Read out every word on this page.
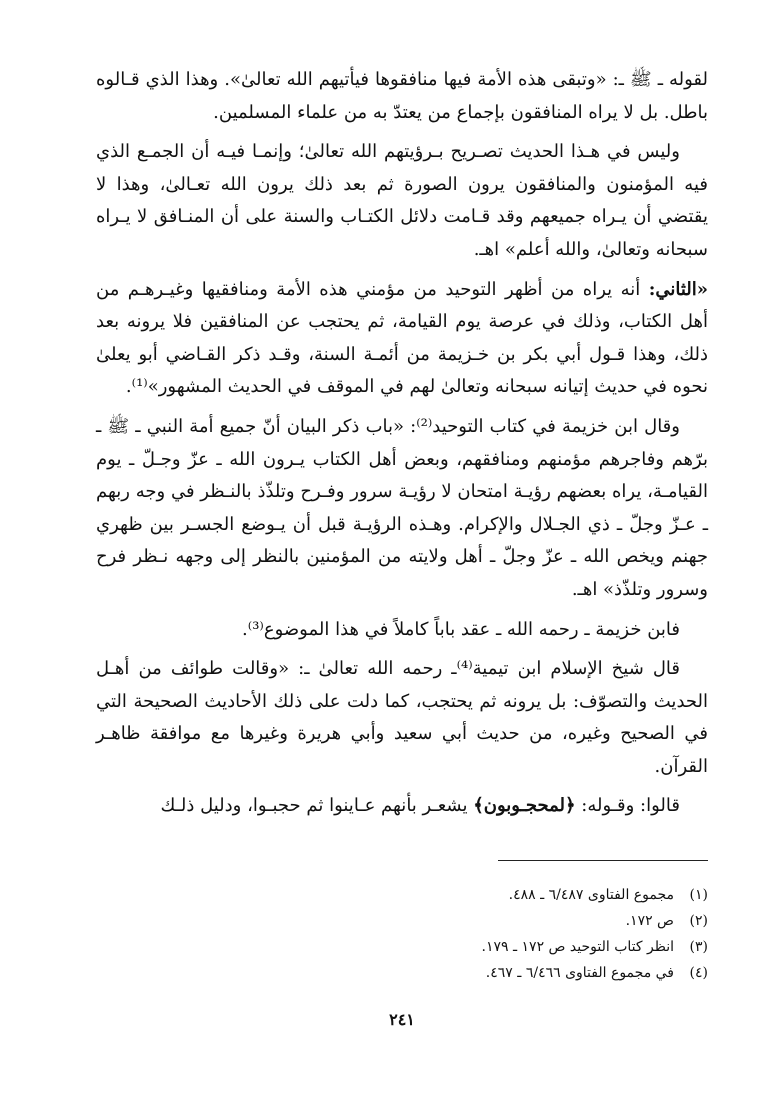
لقوله ـ ﷺ ـ: «وتبقى هذه الأمة فيها منافقوها فيأتيهم الله تعالىٰ». وهذا الذي قـالوه باطل. بل لا يراه المنافقون بإجماع من يعتدّ به من علماء المسلمين.

وليس في هـذا الحديث تصـريح بـرؤيتهم الله تعالىٰ؛ وإنمـا فيـه أن الجمـع الذي فيه المؤمنون والمنافقون يرون الصورة ثم بعد ذلك يرون الله تعـالىٰ، وهذا لا يقتضي أن يـراه جميعهم وقد قـامت دلائل الكتـاب والسنة على أن المنـافق لا يـراه سبحانه وتعالىٰ، والله أعلم» اهـ.

«الثاني: أنه يراه من أظهر التوحيد من مؤمني هذه الأمة ومنافقيها وغيـرهـم من أهل الكتاب، وذلك في عرصة يوم القيامة، ثم يحتجب عن المنافقين فلا يرونه بعد ذلك، وهذا قـول أبي بكر بن خـزيمة من أئمـة السنة، وقـد ذكر القـاضي أبو يعلىٰ نحوه في حديث إتيانه سبحانه وتعالىٰ لهم في الموقف في الحديث المشهور»⁽¹⁾.

وقال ابن خزيمة في كتاب التوحيد⁽²⁾: «باب ذكر البيان أنّ جميع أمة النبي ـ ﷺ ـ برّهم وفاجرهم مؤمنهم ومنافقهم، وبعض أهل الكتاب يـرون الله ـ عزّ وجـلّ ـ يوم القيامـة، يراه بعضهم رؤيـة امتحان لا رؤيـة سرور وفـرح وتلذّذ بالنـظر في وجه ربهم ـ عـزّ وجلّ ـ ذي الجـلال والإكرام. وهـذه الرؤيـة قبل أن يـوضع الجسـر بين ظهري جهنم ويخص الله ـ عزّ وجلّ ـ أهل ولايته من المؤمنين بالنظر إلى وجهه نـظر فرح وسرور وتلذّذ» اهـ.

فابن خزيمة ـ رحمه الله ـ عقد باباً كاملاً في هذا الموضوع⁽³⁾.

قال شيخ الإسلام ابن تيمية⁽⁴⁾ـ رحمه الله تعالىٰ ـ: «وقالت طوائف من أهـل الحديث والتصوّف: بل يرونه ثم يحتجب، كما دلت على ذلك الأحاديث الصحيحة التي في الصحيح وغيره، من حديث أبي سعيد وأبي هريرة وغيرها مع موافقة ظاهـر القرآن.

قالوا: وقـوله: ﴿لمحجـوبون﴾ يشعـر بأنهم عـاينوا ثم حجبـوا، ودليل ذلـك

(١)
مجموع الفتاوى ٦/٤٨٧ ـ ٤٨٨.
(٢)
ص ١٧٢.
(٣)
انظر كتاب التوحيد ص ١٧٢ ـ ١٧٩.
(٤)
في مجموع الفتاوى ٦/٤٦٦ ـ ٤٦٧.
٢٤١
